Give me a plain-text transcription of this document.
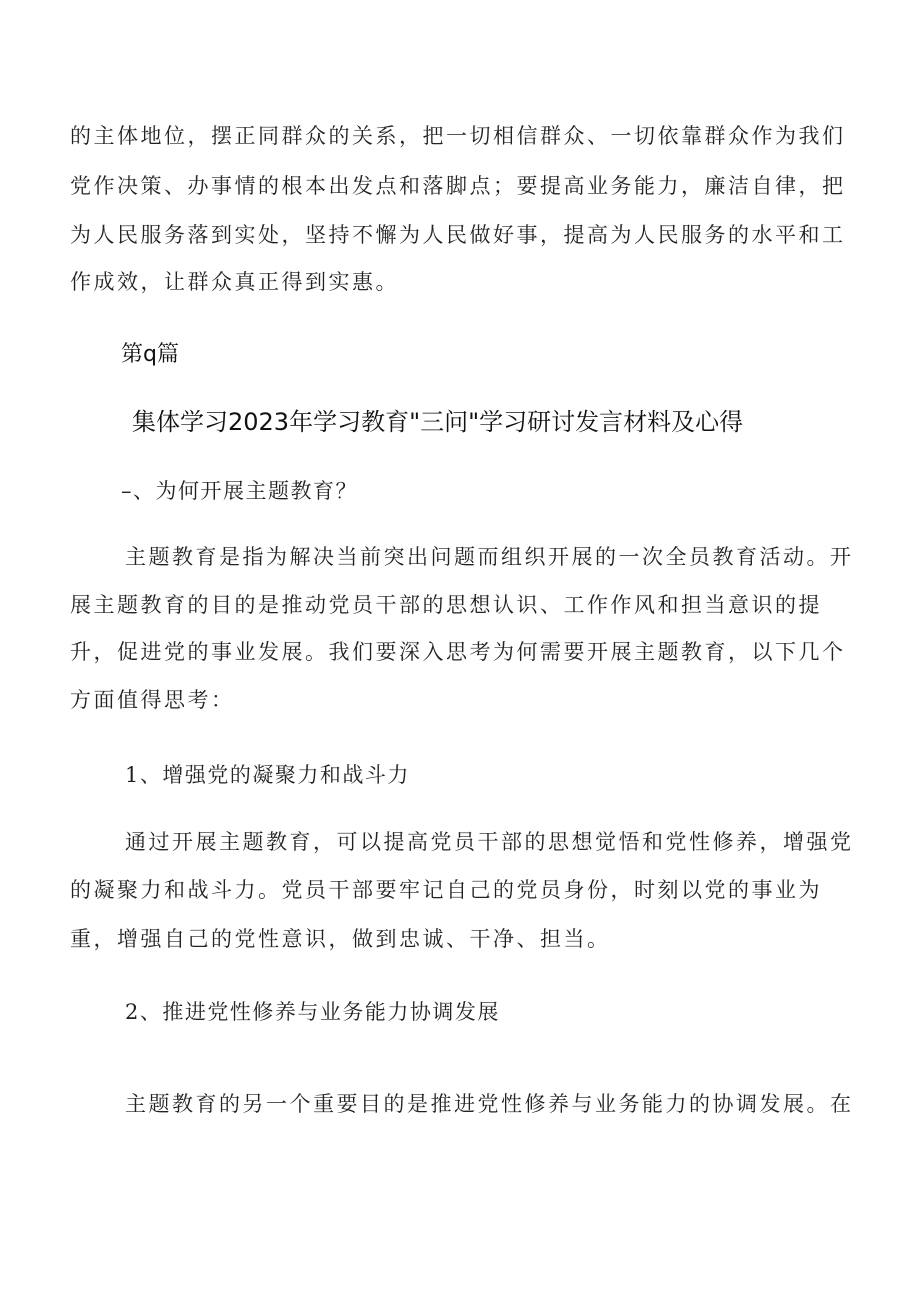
的主体地位，摆正同群众的关系，把一切相信群众、一切依靠群众作为我们
党作决策、办事情的根本出发点和落脚点；要提高业务能力，廉洁自律，把
为人民服务落到实处，坚持不懈为人民做好事，提高为人民服务的水平和工
作成效，让群众真正得到实惠。
第q篇
集体学习2023年学习教育"三问"学习研讨发言材料及心得
–、为何开展主题教育？
主题教育是指为解决当前突出问题而组织开展的一次全员教育活动。开
展主题教育的目的是推动党员干部的思想认识、工作作风和担当意识的提
升，促进党的事业发展。我们要深入思考为何需要开展主题教育，以下几个
方面值得思考：
1、增强党的凝聚力和战斗力
通过开展主题教育，可以提高党员干部的思想觉悟和党性修养，增强党
的凝聚力和战斗力。党员干部要牢记自己的党员身份，时刻以党的事业为
重，增强自己的党性意识，做到忠诚、干净、担当。
2、推进党性修养与业务能力协调发展
主题教育的另一个重要目的是推进党性修养与业务能力的协调发展。在
